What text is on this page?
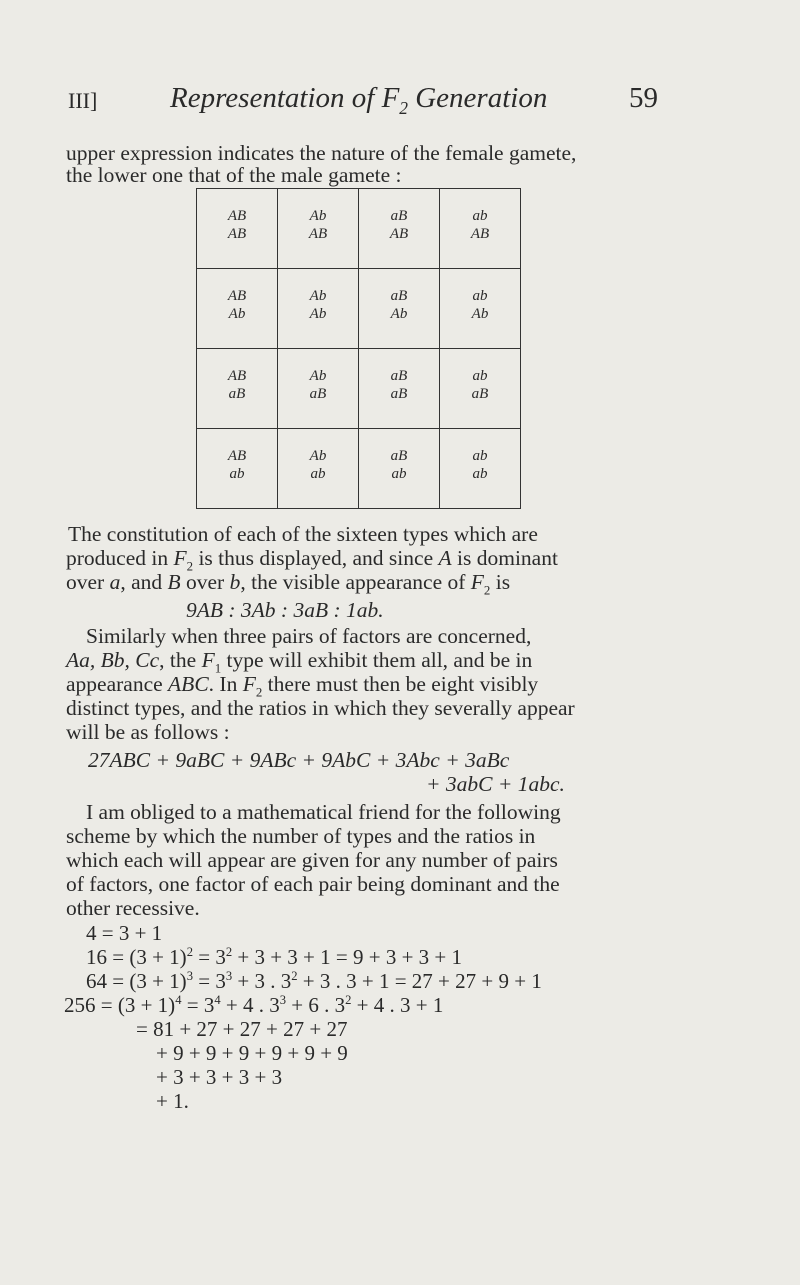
III]	Representation of $F_2$ Generation	59
upper expression indicates the nature of the female gamete,
the lower one that of the male gamete :
AB
AB
Ab
AB
aB
AB
ab
AB
AB
Ab
Ab
Ab
aB
Ab
ab
Ab
AB
aB
Ab
aB
aB
aB
ab
aB
AB
ab
Ab
ab
aB
ab
ab
ab
The constitution of each of the sixteen types which are
produced in $F_2$ is thus displayed, and since A is dominant
over a, and B over b, the visible appearance of $F_2$ is
9AB : 3Ab : 3aB : 1ab.
Similarly when three pairs of factors are concerned,
Aa, Bb, Cc, the $F_1$ type will exhibit them all, and be in
appearance ABC. In $F_2$ there must then be eight visibly
distinct types, and the ratios in which they severally appear
will be as follows :
27ABC + 9aBC + 9ABc + 9AbC + 3Abc + 3aBc
+ 3abC + 1abc.
I am obliged to a mathematical friend for the following
scheme by which the number of types and the ratios in
which each will appear are given for any number of pairs
of factors, one factor of each pair being dominant and the
other recessive.
4 = 3 + 1
$16 = (3 + 1)^2 = 3^2 + 3 + 3 + 1 = 9 + 3 + 3 + 1$
$64 = (3 + 1)^3 = 3^3 + 3$ . $3^2 + 3$ . 3 + 1 = 27 + 27 + 9 + 1
$256 = (3 + 1)^4 = 3^4 + 4$ . $3^3 + 6$ . $3^2 + 4$ . 3 + 1
= 81 + 27 + 27 + 27 + 27
+ 9 + 9 + 9 + 9 + 9 + 9
+ 3 + 3 + 3 + 3
+ 1.
